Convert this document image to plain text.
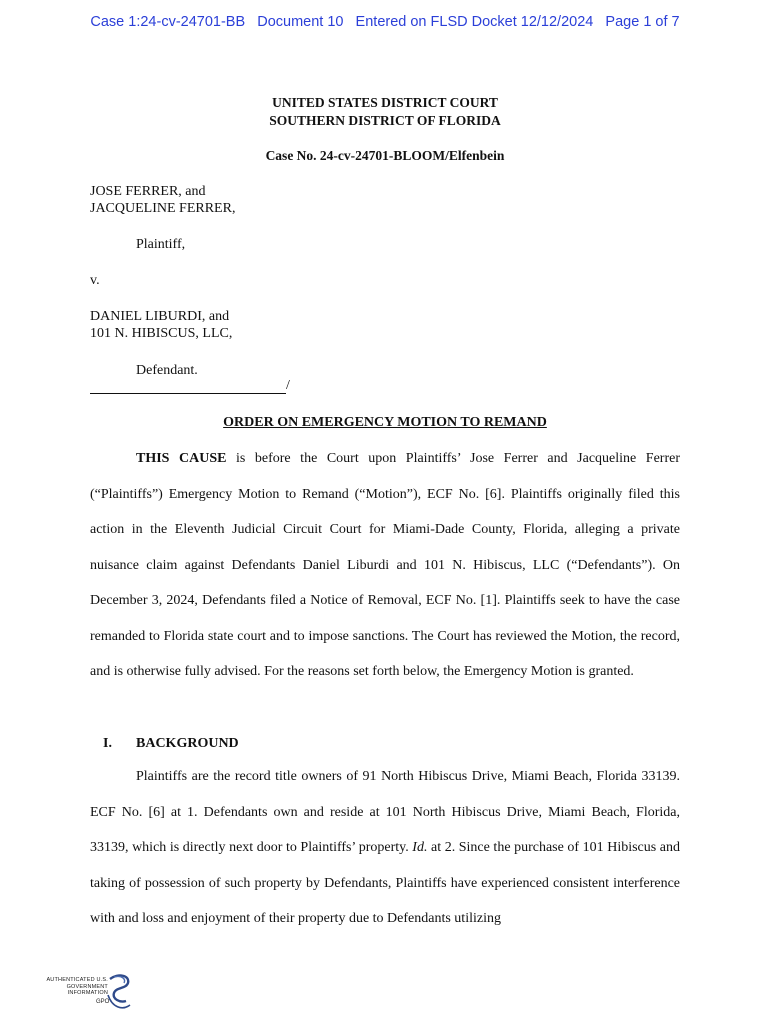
Case 1:24-cv-24701-BB   Document 10   Entered on FLSD Docket 12/12/2024   Page 1 of 7
UNITED STATES DISTRICT COURT
SOUTHERN DISTRICT OF FLORIDA
Case No. 24-cv-24701-BLOOM/Elfenbein
JOSE FERRER, and
JACQUELINE FERRER,
Plaintiff,
v.
DANIEL LIBURDI, and
101 N. HIBISCUS, LLC,
Defendant.
/
ORDER ON EMERGENCY MOTION TO REMAND
THIS CAUSE is before the Court upon Plaintiffs’ Jose Ferrer and Jacqueline Ferrer (“Plaintiffs”) Emergency Motion to Remand (“Motion”), ECF No. [6]. Plaintiffs originally filed this action in the Eleventh Judicial Circuit Court for Miami-Dade County, Florida, alleging a private nuisance claim against Defendants Daniel Liburdi and 101 N. Hibiscus, LLC (“Defendants”). On December 3, 2024, Defendants filed a Notice of Removal, ECF No. [1]. Plaintiffs seek to have the case remanded to Florida state court and to impose sanctions. The Court has reviewed the Motion, the record, and is otherwise fully advised. For the reasons set forth below, the Emergency Motion is granted.
I. BACKGROUND
Plaintiffs are the record title owners of 91 North Hibiscus Drive, Miami Beach, Florida 33139. ECF No. [6] at 1. Defendants own and reside at 101 North Hibiscus Drive, Miami Beach, Florida, 33139, which is directly next door to Plaintiffs’ property. Id. at 2. Since the purchase of 101 Hibiscus and taking of possession of such property by Defendants, Plaintiffs have experienced consistent interference with and loss and enjoyment of their property due to Defendants utilizing
AUTHENTICATED U.S. GOVERNMENT INFORMATION
GPO
